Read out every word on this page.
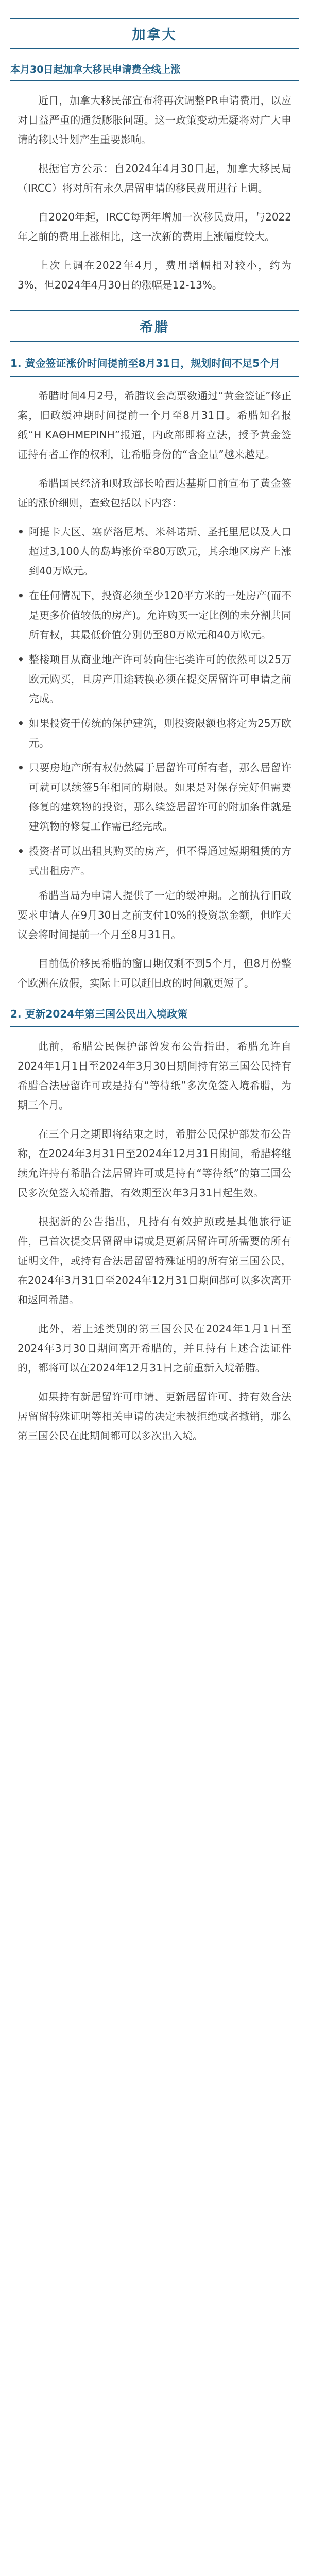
加拿大
本月30日起加拿大移民申请费全线上涨

近日，加拿大移民部宣布将再次调整PR申请费用，以应对日益严重的通货膨胀问题。这一政策变动无疑将对广大申请的移民计划产生重要影响。

根据官方公示：自2024年4月30日起，加拿大移民局（IRCC）将对所有永久居留申请的移民费用进行上调。

自2020年起，IRCC每两年增加一次移民费用，与2022年之前的费用上涨相比，这一次新的费用上涨幅度较大。

上次上调在2022年4月，费用增幅相对较小，约为3%，但2024年4月30日的涨幅是12-13%。

希腊
1. 黄金签证涨价时间提前至8月31日，规划时间不足5个月

希腊时间4月2号，希腊议会高票数通过“黄金签证”修正案，旧政缓冲期时间提前一个月至8月31日。希腊知名报纸“Η ΚΑΘΗΜΕΡΙΝΗ”报道，内政部即将立法，授予黄金签证持有者工作的权利，让希腊身份的“含金量”越来越足。

希腊国民经济和财政部长哈西达基斯日前宣布了黄金签证的涨价细则，查致包括以下内容：

• 阿提卡大区、塞萨洛尼基、米科诺斯、圣托里尼以及人口超过3,100人的岛屿涨价至80万欧元，其余地区房产上涨到40万欧元。
• 在任何情况下，投资必须至少120平方米的一处房产(而不是更多价值较低的房产)。允许购买一定比例的未分割共同所有权，其最低价值分别仍至80万欧元和40万欧元。
• 整楼项目从商业地产许可转向住宅类许可的依然可以25万欧元购买，且房产用途转换必须在提交居留许可申请之前完成。
• 如果投资于传统的保护建筑，则投资限额也将定为25万欧元。
• 只要房地产所有权仍然属于居留许可所有者，那么居留许可就可以续签5年相同的期限。如果是对保存完好但需要修复的建筑物的投资，那么续签居留许可的附加条件就是建筑物的修复工作需已经完成。
• 投资者可以出租其购买的房产，但不得通过短期租赁的方式出租房产。

希腊当局为申请人提供了一定的缓冲期。之前执行旧政要求申请人在9月30日之前支付10%的投资款金额，但昨天议会将时间提前一个月至8月31日。

目前低价移民希腊的窗口期仅剩不到5个月，但8月份整个欧洲在放假，实际上可以赶旧政的时间就更短了。

2. 更新2024年第三国公民出入境政策

此前，希腊公民保护部曾发布公告指出，希腊允许自2024年1月1日至2024年3月30日期间持有第三国公民持有希腊合法居留许可或是持有“等待纸”多次免签入境希腊，为期三个月。

在三个月之期即将结束之时，希腊公民保护部发布公告称，在2024年3月31日至2024年12月31日期间，希腊将继续允许持有希腊合法居留许可或是持有“等待纸”的第三国公民多次免签入境希腊，有效期至次年3月31日起生效。

根据新的公告指出，凡持有有效护照或是其他旅行证件，已首次提交居留留申请或是更新居留许可所需要的所有证明文件，或持有合法居留留特殊证明的所有第三国公民，在2024年3月31日至2024年12月31日期间都可以多次离开和返回希腊。

此外，若上述类别的第三国公民在2024年1月1日至2024年3月30日期间离开希腊的，并且持有上述合法证件的，都将可以在2024年12月31日之前重新入境希腊。

如果持有新居留许可申请、更新居留许可、持有效合法居留留特殊证明等相关申请的决定未被拒绝或者撤销，那么第三国公民在此期间都可以多次出入境。
